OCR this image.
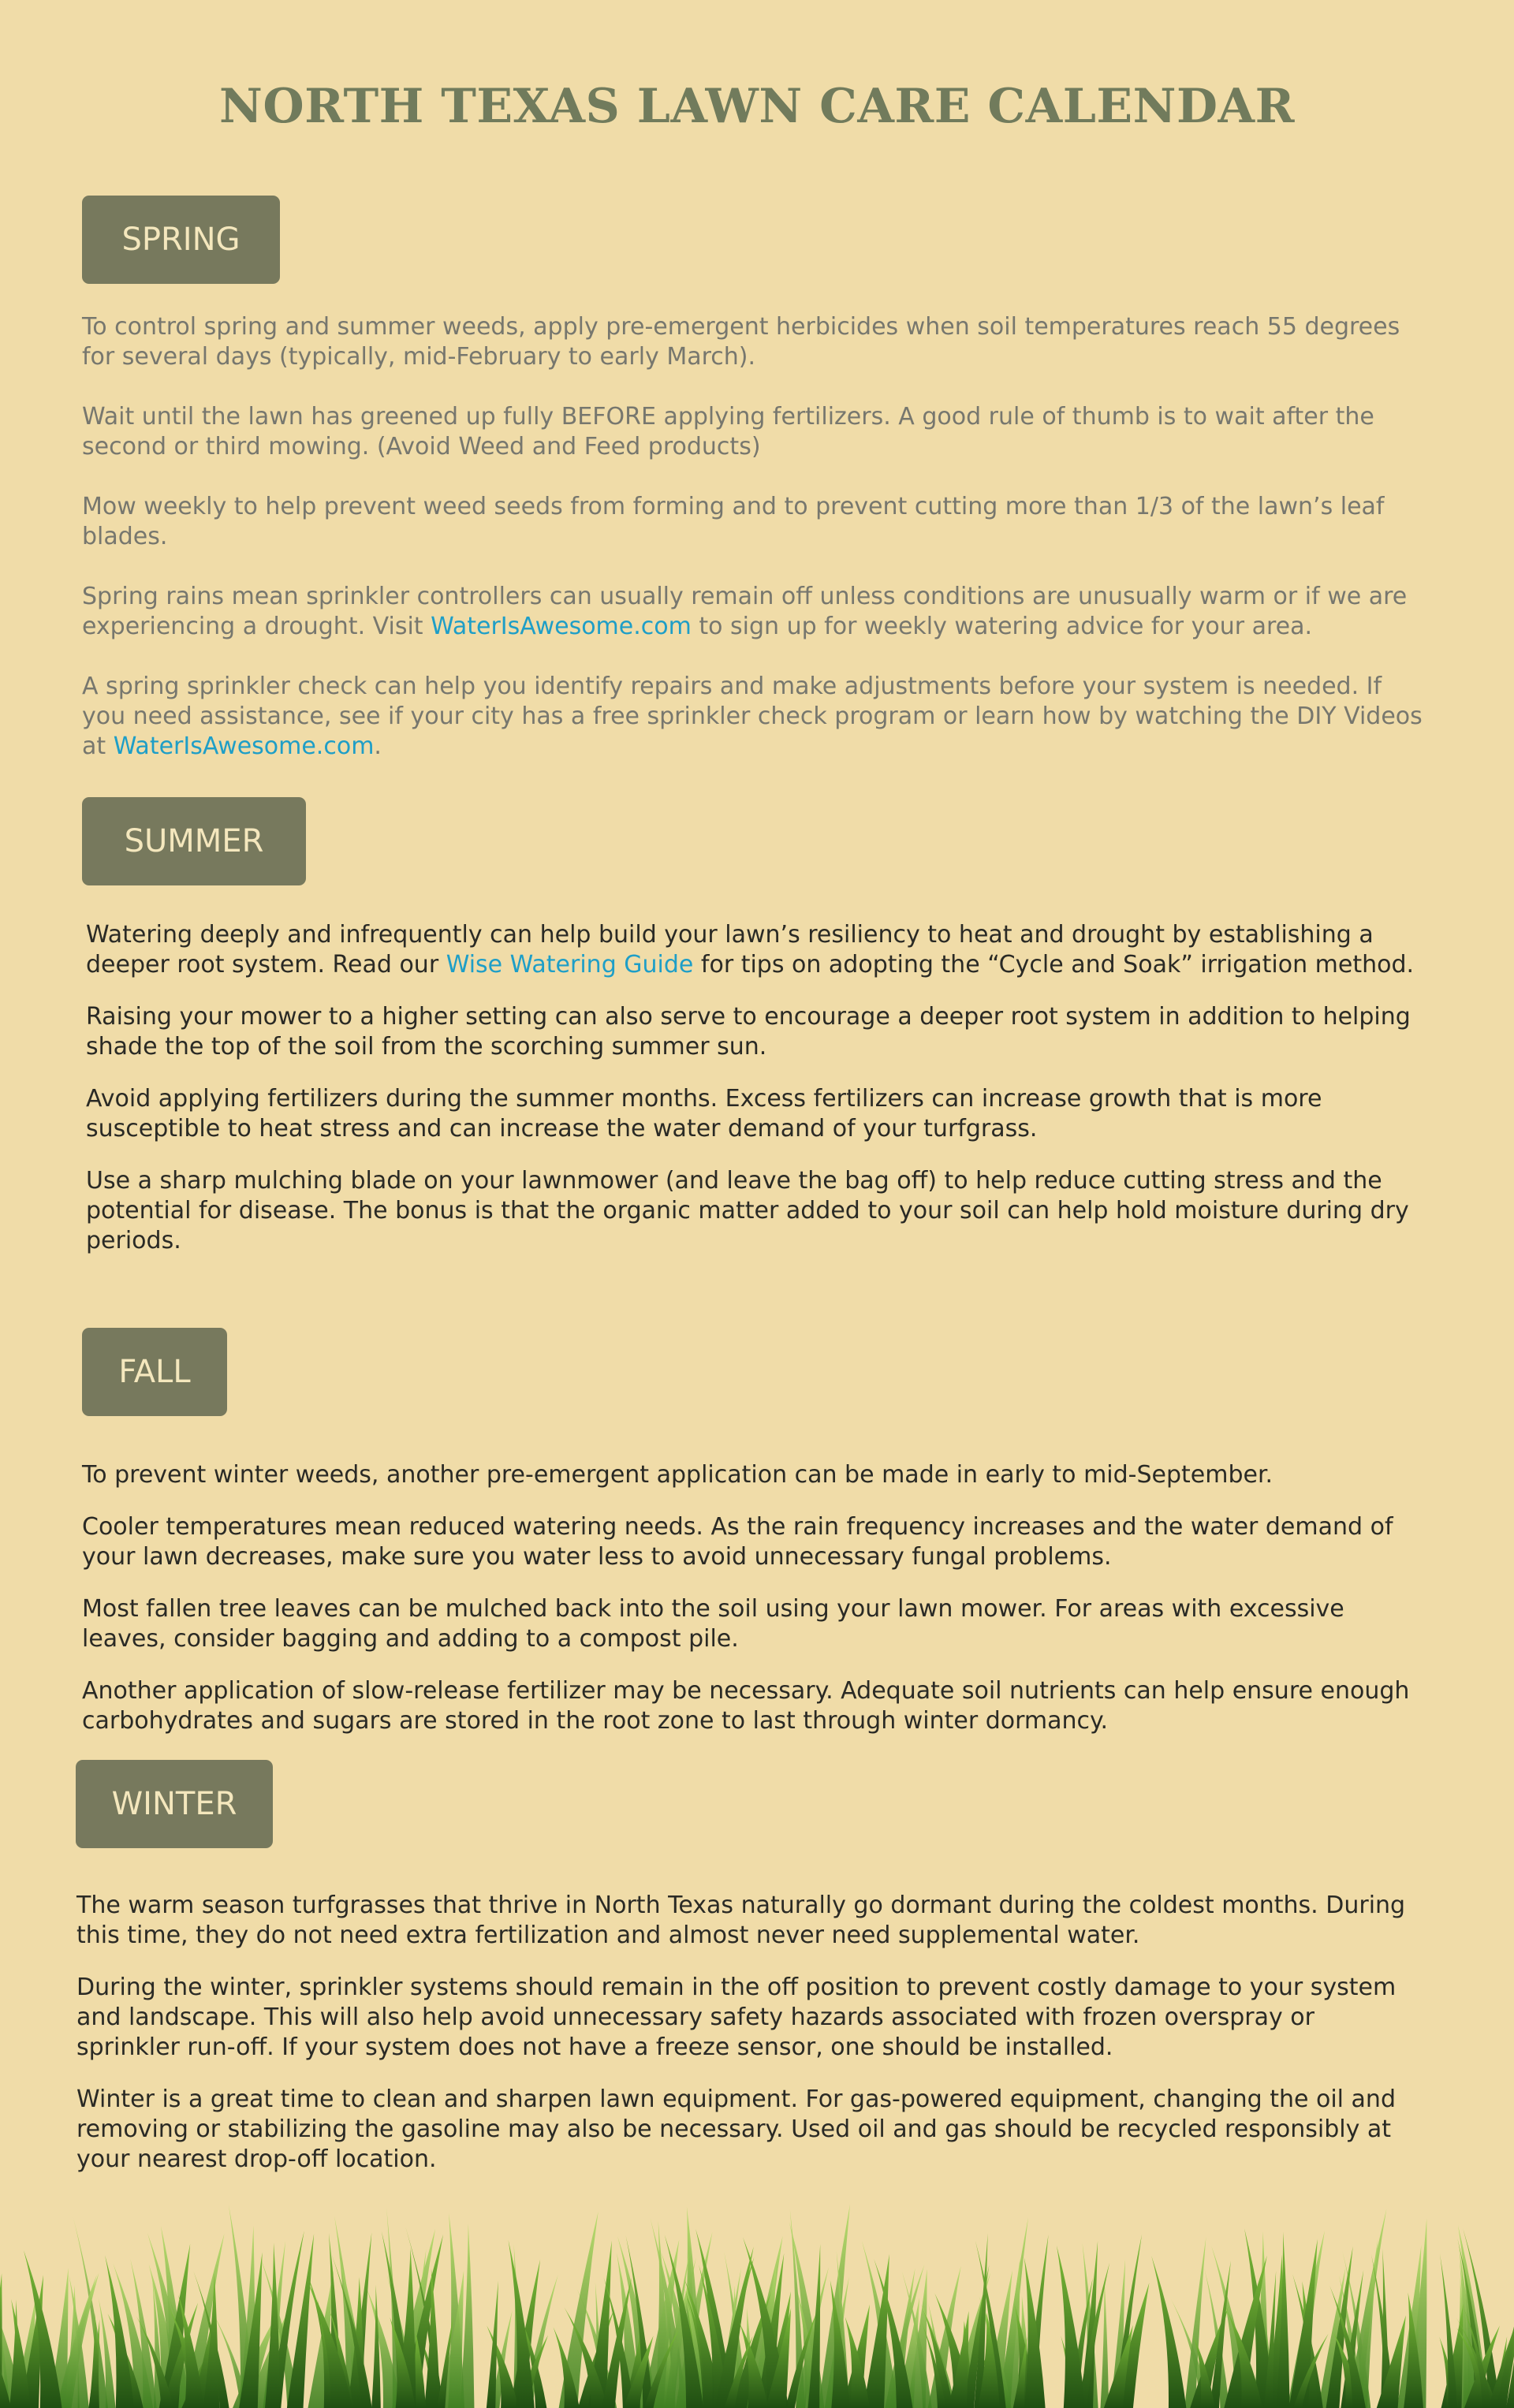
NORTH TEXAS LAWN CARE CALENDAR
SPRING

To control spring and summer weeds, apply pre-emergent herbicides when soil temperatures reach 55 degrees for several days (typically, mid-February to early March).

Wait until the lawn has greened up fully BEFORE applying fertilizers. A good rule of thumb is to wait after the second or third mowing. (Avoid Weed and Feed products)

Mow weekly to help prevent weed seeds from forming and to prevent cutting more than 1/3 of the lawn’s leaf blades.

Spring rains mean sprinkler controllers can usually remain off unless conditions are unusually warm or if we are experiencing a drought. Visit WaterIsAwesome.com to sign up for weekly watering advice for your area.

A spring sprinkler check can help you identify repairs and make adjustments before your system is needed. If you need assistance, see if your city has a free sprinkler check program or learn how by watching the DIY Videos at WaterIsAwesome.com.

SUMMER

Watering deeply and infrequently can help build your lawn’s resiliency to heat and drought by establishing a deeper root system. Read our Wise Watering Guide for tips on adopting the “Cycle and Soak” irrigation method.

Raising your mower to a higher setting can also serve to encourage a deeper root system in addition to helping shade the top of the soil from the scorching summer sun.

Avoid applying fertilizers during the summer months. Excess fertilizers can increase growth that is more susceptible to heat stress and can increase the water demand of your turfgrass.

Use a sharp mulching blade on your lawnmower (and leave the bag off) to help reduce cutting stress and the potential for disease. The bonus is that the organic matter added to your soil can help hold moisture during dry periods.

FALL

To prevent winter weeds, another pre-emergent application can be made in early to mid-September.

Cooler temperatures mean reduced watering needs. As the rain frequency increases and the water demand of your lawn decreases, make sure you water less to avoid unnecessary fungal problems.

Most fallen tree leaves can be mulched back into the soil using your lawn mower. For areas with excessive leaves, consider bagging and adding to a compost pile.

Another application of slow-release fertilizer may be necessary. Adequate soil nutrients can help ensure enough carbohydrates and sugars are stored in the root zone to last through winter dormancy.

WINTER

The warm season turfgrasses that thrive in North Texas naturally go dormant during the coldest months. During this time, they do not need extra fertilization and almost never need supplemental water.

During the winter, sprinkler systems should remain in the off position to prevent costly damage to your system and landscape. This will also help avoid unnecessary safety hazards associated with frozen overspray or sprinkler run-off. If your system does not have a freeze sensor, one should be installed.

Winter is a great time to clean and sharpen lawn equipment. For gas-powered equipment, changing the oil and removing or stabilizing the gasoline may also be necessary. Used oil and gas should be recycled responsibly at your nearest drop-off location.
